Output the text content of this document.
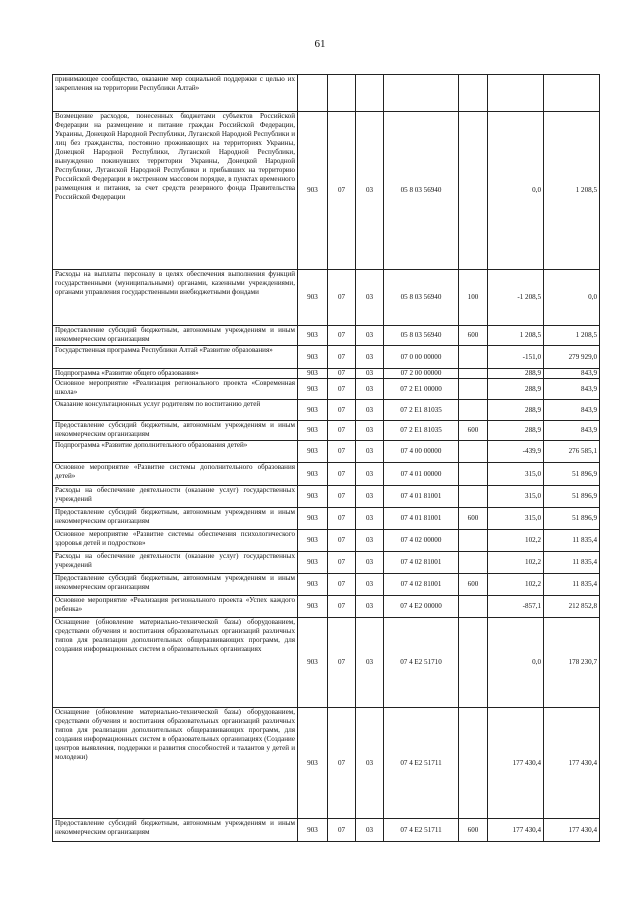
61
принимающее сообщество, оказание мер социальной поддержки с целью их закрепления на территории Республики Алтай»							
Возмещение расходов, понесенных бюджетами субъектов Российской Федерации на размещение и питание граждан Российской Федерации, Украины, Донецкой Народной Республики, Луганской Народной Республики и лиц без гражданства, постоянно проживающих на территориях Украины, Донецкой Народной Республики, Луганской Народной Республики, вынужденно покинувших территории Украины, Донецкой Народной Республики, Луганской Народной Республики и прибывших на территорию Российской Федерации в экстренном массовом порядке, в пунктах временного размещения и питания, за счет средств резервного фонда Правительства Российской Федерации	903	07	03	05 8 03 56940		0,0	1 208,5
Расходы на выплаты персоналу в целях обеспечения выполнения функций государственными (муниципальными) органами, казенными учреждениями, органами управления государственными внебюджетными фондами	903	07	03	05 8 03 56940	100	-1 208,5	0,0
Предоставление субсидий бюджетным, автономным учреждениям и иным некоммерческим организациям	903	07	03	05 8 03 56940	600	1 208,5	1 208,5
Государственная программа Республики Алтай «Развитие образования»	903	07	03	07 0 00 00000		-151,0	279 929,0
Подпрограмма «Развитие общего образования»	903	07	03	07 2 00 00000		288,9	843,9
Основное мероприятие «Реализация регионального проекта «Современная школа»	903	07	03	07 2 E1 00000		288,9	843,9
Оказание консультационных услуг родителям по воспитанию детей	903	07	03	07 2 E1 81035		288,9	843,9
Предоставление субсидий бюджетным, автономным учреждениям и иным некоммерческим организациям	903	07	03	07 2 E1 81035	600	288,9	843,9
Подпрограмма «Развитие дополнительного образования детей»	903	07	03	07 4 00 00000		-439,9	276 585,1
Основное мероприятие «Развитие системы дополнительного образования детей»	903	07	03	07 4 01 00000		315,0	51 896,9
Расходы на обеспечение деятельности (оказание услуг) государственных учреждений	903	07	03	07 4 01 81001		315,0	51 896,9
Предоставление субсидий бюджетным, автономным учреждениям и иным некоммерческим организациям	903	07	03	07 4 01 81001	600	315,0	51 896,9
Основное мероприятие «Развитие системы обеспечения психологического здоровья детей и подростков»	903	07	03	07 4 02 00000		102,2	11 835,4
Расходы на обеспечение деятельности (оказание услуг) государственных учреждений	903	07	03	07 4 02 81001		102,2	11 835,4
Предоставление субсидий бюджетным, автономным учреждениям и иным некоммерческим организациям	903	07	03	07 4 02 81001	600	102,2	11 835,4
Основное мероприятие «Реализация регионального проекта «Успех каждого ребенка»	903	07	03	07 4 E2 00000		-857,1	212 852,8
Оснащение (обновление материально-технической базы) оборудованием, средствами обучения и воспитания образовательных организаций различных типов для реализации дополнительных общеразвивающих программ, для создания информационных систем в образовательных организациях	903	07	03	07 4 E2 51710		0,0	178 230,7
Оснащение (обновление материально-технической базы) оборудованием, средствами обучения и воспитания образовательных организаций различных типов для реализации дополнительных общеразвивающих программ, для создания информационных систем в образовательных организациях (Создание центров выявления, поддержки и развития способностей и талантов у детей и молодежи)	903	07	03	07 4 E2 51711		177 430,4	177 430,4
Предоставление субсидий бюджетным, автономным учреждениям и иным некоммерческим организациям	903	07	03	07 4 E2 51711	600	177 430,4	177 430,4
